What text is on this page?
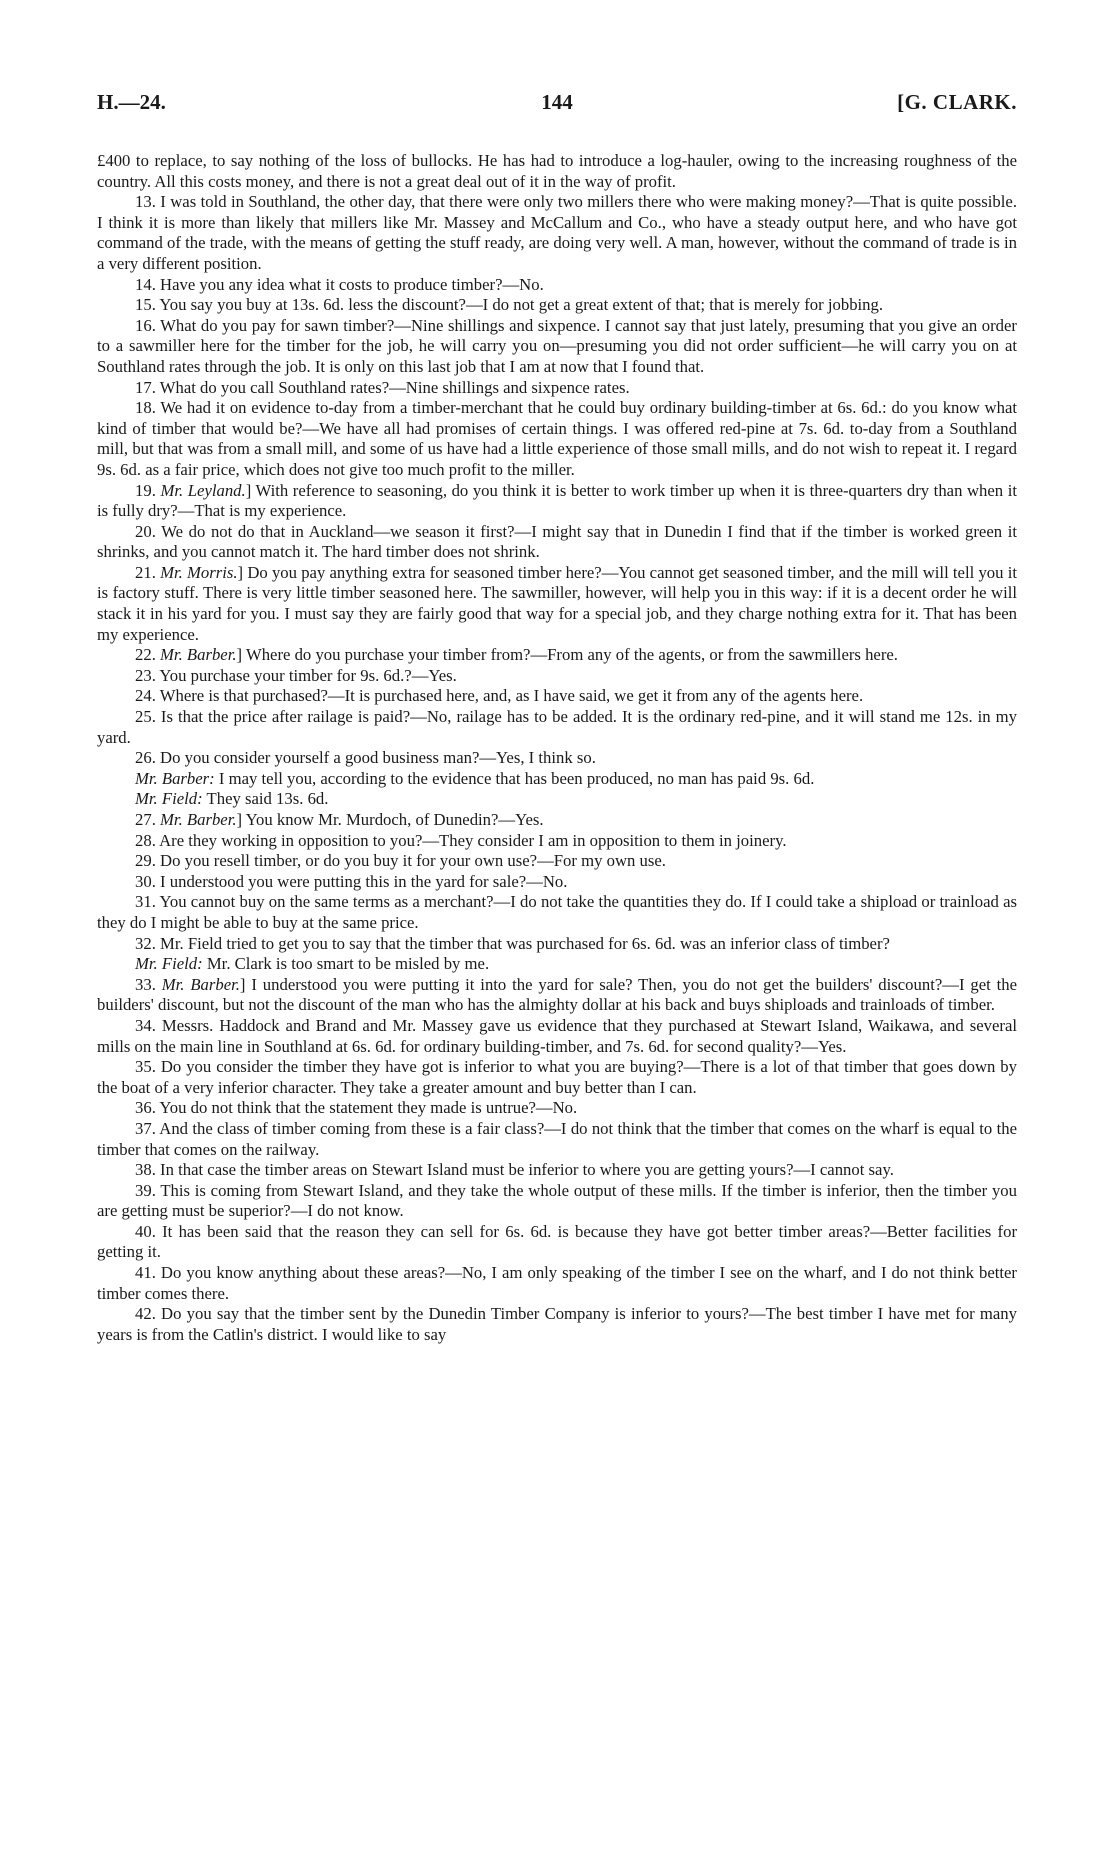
H.—24.	144	[G. CLARK.

£400 to replace, to say nothing of the loss of bullocks. He has had to introduce a log-hauler, owing to the increasing roughness of the country. All this costs money, and there is not a great deal out of it in the way of profit.

13. I was told in Southland, the other day, that there were only two millers there who were making money?—That is quite possible. I think it is more than likely that millers like Mr. Massey and McCallum and Co., who have a steady output here, and who have got command of the trade, with the means of getting the stuff ready, are doing very well. A man, however, without the command of trade is in a very different position.

14. Have you any idea what it costs to produce timber?—No.

15. You say you buy at 13s. 6d. less the discount?—I do not get a great extent of that; that is merely for jobbing.

16. What do you pay for sawn timber?—Nine shillings and sixpence. I cannot say that just lately, presuming that you give an order to a sawmiller here for the timber for the job, he will carry you on—presuming you did not order sufficient—he will carry you on at Southland rates through the job. It is only on this last job that I am at now that I found that.

17. What do you call Southland rates?—Nine shillings and sixpence rates.

18. We had it on evidence to-day from a timber-merchant that he could buy ordinary building-timber at 6s. 6d.: do you know what kind of timber that would be?—We have all had promises of certain things. I was offered red-pine at 7s. 6d. to-day from a Southland mill, but that was from a small mill, and some of us have had a little experience of those small mills, and do not wish to repeat it. I regard 9s. 6d. as a fair price, which does not give too much profit to the miller.

19. Mr. Leyland.] With reference to seasoning, do you think it is better to work timber up when it is three-quarters dry than when it is fully dry?—That is my experience.

20. We do not do that in Auckland—we season it first?—I might say that in Dunedin I find that if the timber is worked green it shrinks, and you cannot match it. The hard timber does not shrink.

21. Mr. Morris.] Do you pay anything extra for seasoned timber here?—You cannot get seasoned timber, and the mill will tell you it is factory stuff. There is very little timber seasoned here. The sawmiller, however, will help you in this way: if it is a decent order he will stack it in his yard for you. I must say they are fairly good that way for a special job, and they charge nothing extra for it. That has been my experience.

22. Mr. Barber.] Where do you purchase your timber from?—From any of the agents, or from the sawmillers here.

23. You purchase your timber for 9s. 6d.?—Yes.

24. Where is that purchased?—It is purchased here, and, as I have said, we get it from any of the agents here.

25. Is that the price after railage is paid?—No, railage has to be added. It is the ordinary red-pine, and it will stand me 12s. in my yard.

26. Do you consider yourself a good business man?—Yes, I think so.

Mr. Barber: I may tell you, according to the evidence that has been produced, no man has paid 9s. 6d.

Mr. Field: They said 13s. 6d.

27. Mr. Barber.] You know Mr. Murdoch, of Dunedin?—Yes.

28. Are they working in opposition to you?—They consider I am in opposition to them in joinery.

29. Do you resell timber, or do you buy it for your own use?—For my own use.

30. I understood you were putting this in the yard for sale?—No.

31. You cannot buy on the same terms as a merchant?—I do not take the quantities they do. If I could take a shipload or trainload as they do I might be able to buy at the same price.

32. Mr. Field tried to get you to say that the timber that was purchased for 6s. 6d. was an inferior class of timber?

Mr. Field: Mr. Clark is too smart to be misled by me.

33. Mr. Barber.] I understood you were putting it into the yard for sale? Then, you do not get the builders' discount?—I get the builders' discount, but not the discount of the man who has the almighty dollar at his back and buys shiploads and trainloads of timber.

34. Messrs. Haddock and Brand and Mr. Massey gave us evidence that they purchased at Stewart Island, Waikawa, and several mills on the main line in Southland at 6s. 6d. for ordinary building-timber, and 7s. 6d. for second quality?—Yes.

35. Do you consider the timber they have got is inferior to what you are buying?—There is a lot of that timber that goes down by the boat of a very inferior character. They take a greater amount and buy better than I can.

36. You do not think that the statement they made is untrue?—No.

37. And the class of timber coming from these is a fair class?—I do not think that the timber that comes on the wharf is equal to the timber that comes on the railway.

38. In that case the timber areas on Stewart Island must be inferior to where you are getting yours?—I cannot say.

39. This is coming from Stewart Island, and they take the whole output of these mills. If the timber is inferior, then the timber you are getting must be superior?—I do not know.

40. It has been said that the reason they can sell for 6s. 6d. is because they have got better timber areas?—Better facilities for getting it.

41. Do you know anything about these areas?—No, I am only speaking of the timber I see on the wharf, and I do not think better timber comes there.

42. Do you say that the timber sent by the Dunedin Timber Company is inferior to yours?—The best timber I have met for many years is from the Catlin's district. I would like to say
